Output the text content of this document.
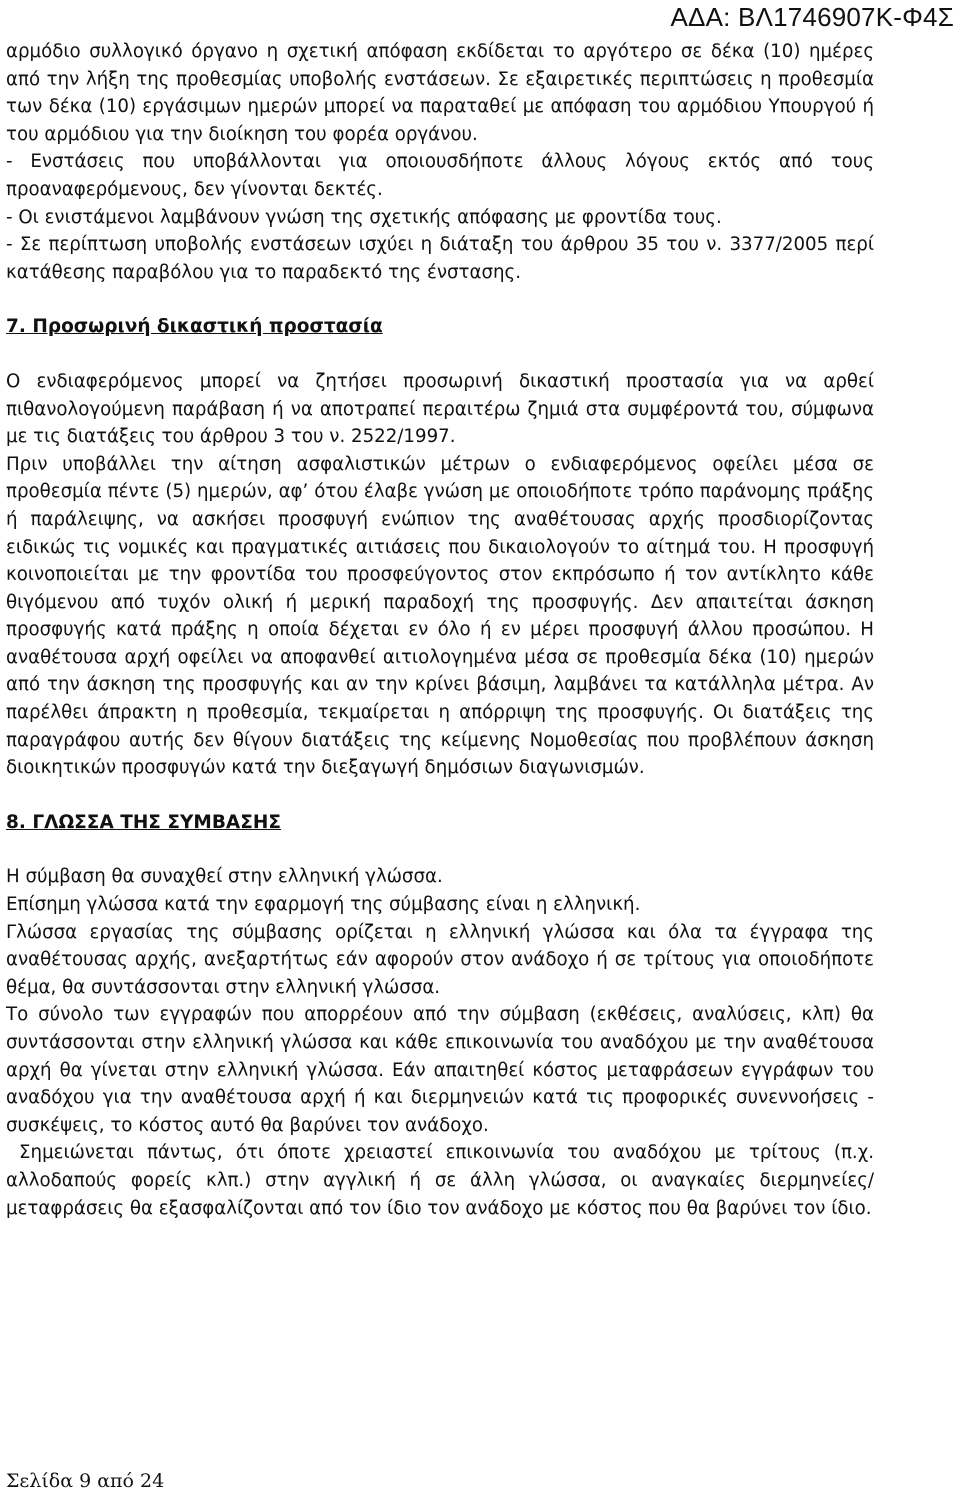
ΑΔΑ: ΒΛ1746907Κ-Φ4Σ

αρμόδιο συλλογικό όργανο η σχετική απόφαση εκδίδεται το αργότερο σε δέκα (10) ημέρες από την λήξη της προθεσμίας υποβολής ενστάσεων. Σε εξαιρετικές περιπτώσεις η προθεσμία των δέκα (10) εργάσιμων ημερών μπορεί να παραταθεί με απόφαση του αρμόδιου Υπουργού ή του αρμόδιου για την διοίκηση του φορέα οργάνου.

- Ενστάσεις που υποβάλλονται για οποιουσδήποτε άλλους λόγους εκτός από τους προαναφερόμενους, δεν γίνονται δεκτές.

- Οι ενιστάμενοι λαμβάνουν γνώση της σχετικής απόφασης με φροντίδα τους.

- Σε περίπτωση υποβολής ενστάσεων ισχύει η διάταξη του άρθρου 35 του ν. 3377/2005 περί κατάθεσης παραβόλου για το παραδεκτό της ένστασης.

7. Προσωρινή δικαστική προστασία

Ο ενδιαφερόμενος μπορεί να ζητήσει προσωρινή δικαστική προστασία για να αρθεί πιθανολογούμενη παράβαση ή να αποτραπεί περαιτέρω ζημιά στα συμφέροντά του, σύμφωνα με τις διατάξεις του άρθρου 3 του ν. 2522/1997.

Πριν υποβάλλει την αίτηση ασφαλιστικών μέτρων ο ενδιαφερόμενος οφείλει μέσα σε προθεσμία πέντε (5) ημερών, αφ’ ότου έλαβε γνώση με οποιοδήποτε τρόπο παράνομης πράξης ή παράλειψης, να ασκήσει προσφυγή ενώπιον της αναθέτουσας αρχής προσδιορίζοντας ειδικώς τις νομικές και πραγματικές αιτιάσεις που δικαιολογούν το αίτημά του. Η προσφυγή κοινοποιείται με την φροντίδα του προσφεύγοντος στον εκπρόσωπο ή τον αντίκλητο κάθε θιγόμενου από τυχόν ολική ή μερική παραδοχή της προσφυγής. Δεν απαιτείται άσκηση προσφυγής κατά πράξης η οποία δέχεται εν όλο ή εν μέρει προσφυγή άλλου προσώπου. Η αναθέτουσα αρχή οφείλει να αποφανθεί αιτιολογημένα μέσα σε προθεσμία δέκα (10) ημερών από την άσκηση της προσφυγής και αν την κρίνει βάσιμη, λαμβάνει τα κατάλληλα μέτρα. Αν παρέλθει άπρακτη η προθεσμία, τεκμαίρεται η απόρριψη της προσφυγής. Οι διατάξεις της παραγράφου αυτής δεν θίγουν διατάξεις της κείμενης Νομοθεσίας που προβλέπουν άσκηση διοικητικών προσφυγών κατά την διεξαγωγή δημόσιων διαγωνισμών.

8. ΓΛΩΣΣΑ ΤΗΣ ΣΥΜΒΑΣΗΣ

Η σύμβαση θα συναχθεί στην ελληνική γλώσσα.

Επίσημη γλώσσα κατά την εφαρμογή της σύμβασης είναι η ελληνική.

Γλώσσα εργασίας της σύμβασης ορίζεται η ελληνική γλώσσα και όλα τα έγγραφα της αναθέτουσας αρχής, ανεξαρτήτως εάν αφορούν στον ανάδοχο ή σε τρίτους για οποιοδήποτε θέμα, θα συντάσσονται στην ελληνική γλώσσα.

Το σύνολο των εγγραφών που απορρέουν από την σύμβαση (εκθέσεις, αναλύσεις, κλπ) θα συντάσσονται στην ελληνική γλώσσα και κάθε επικοινωνία του αναδόχου με την αναθέτουσα αρχή θα γίνεται στην ελληνική γλώσσα. Εάν απαιτηθεί κόστος μεταφράσεων εγγράφων του αναδόχου για την αναθέτουσα αρχή ή και διερμηνειών κατά τις προφορικές συνεννοήσεις - συσκέψεις, το κόστος αυτό θα βαρύνει τον ανάδοχο.

Σημειώνεται πάντως, ότι όποτε χρειαστεί επικοινωνία του αναδόχου με τρίτους (π.χ. αλλοδαπούς φορείς κλπ.) στην αγγλική ή σε άλλη γλώσσα, οι αναγκαίες διερμηνείες/μεταφράσεις θα εξασφαλίζονται από τον ίδιο τον ανάδοχο με κόστος που θα βαρύνει τον ίδιο.

Σελίδα 9 από 24
